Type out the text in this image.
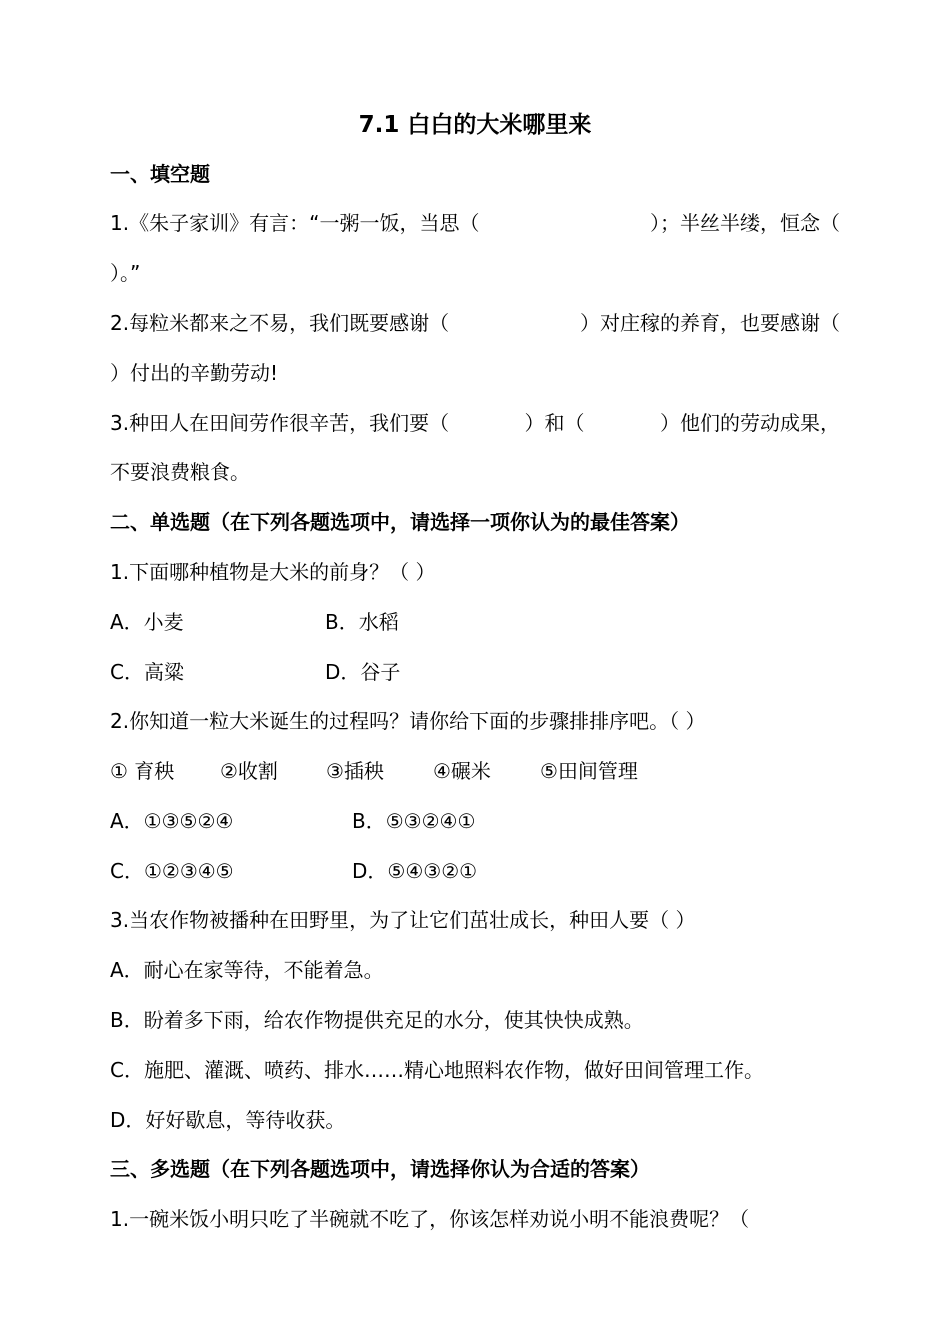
7.1 白白的大米哪里来
一、填空题
1.《朱子家训》有言：“一粥一饭，当思（	）；半丝半缕，恒念（
）。”
2.每粒米都来之不易，我们既要感谢（	）对庄稼的养育，也要感谢（
）付出的辛勤劳动!
3.种田人在田间劳作很辛苦，我们要（	）和（	）他们的劳动成果，
不要浪费粮食。
二、单选题（在下列各题选项中，请选择一项你认为的最佳答案）
1.下面哪种植物是大米的前身？（ ）
A．小麦	B．水稻
C．高粱	D．谷子
2.你知道一粒大米诞生的过程吗？请你给下面的步骤排排序吧。（ ）
① 育秧 ②收割 ③插秧 ④碾米 ⑤田间管理
A．①③⑤②④	B．⑤③②④①
C．①②③④⑤	D．⑤④③②①
3.当农作物被播种在田野里，为了让它们茁壮成长，种田人要（ ）
A．耐心在家等待，不能着急。
B．盼着多下雨，给农作物提供充足的水分，使其快快成熟。
C．施肥、灌溉、喷药、排水……精心地照料农作物，做好田间管理工作。
D．好好歇息，等待收获。
三、多选题（在下列各题选项中，请选择你认为合适的答案）
1.一碗米饭小明只吃了半碗就不吃了，你该怎样劝说小明不能浪费呢？（
